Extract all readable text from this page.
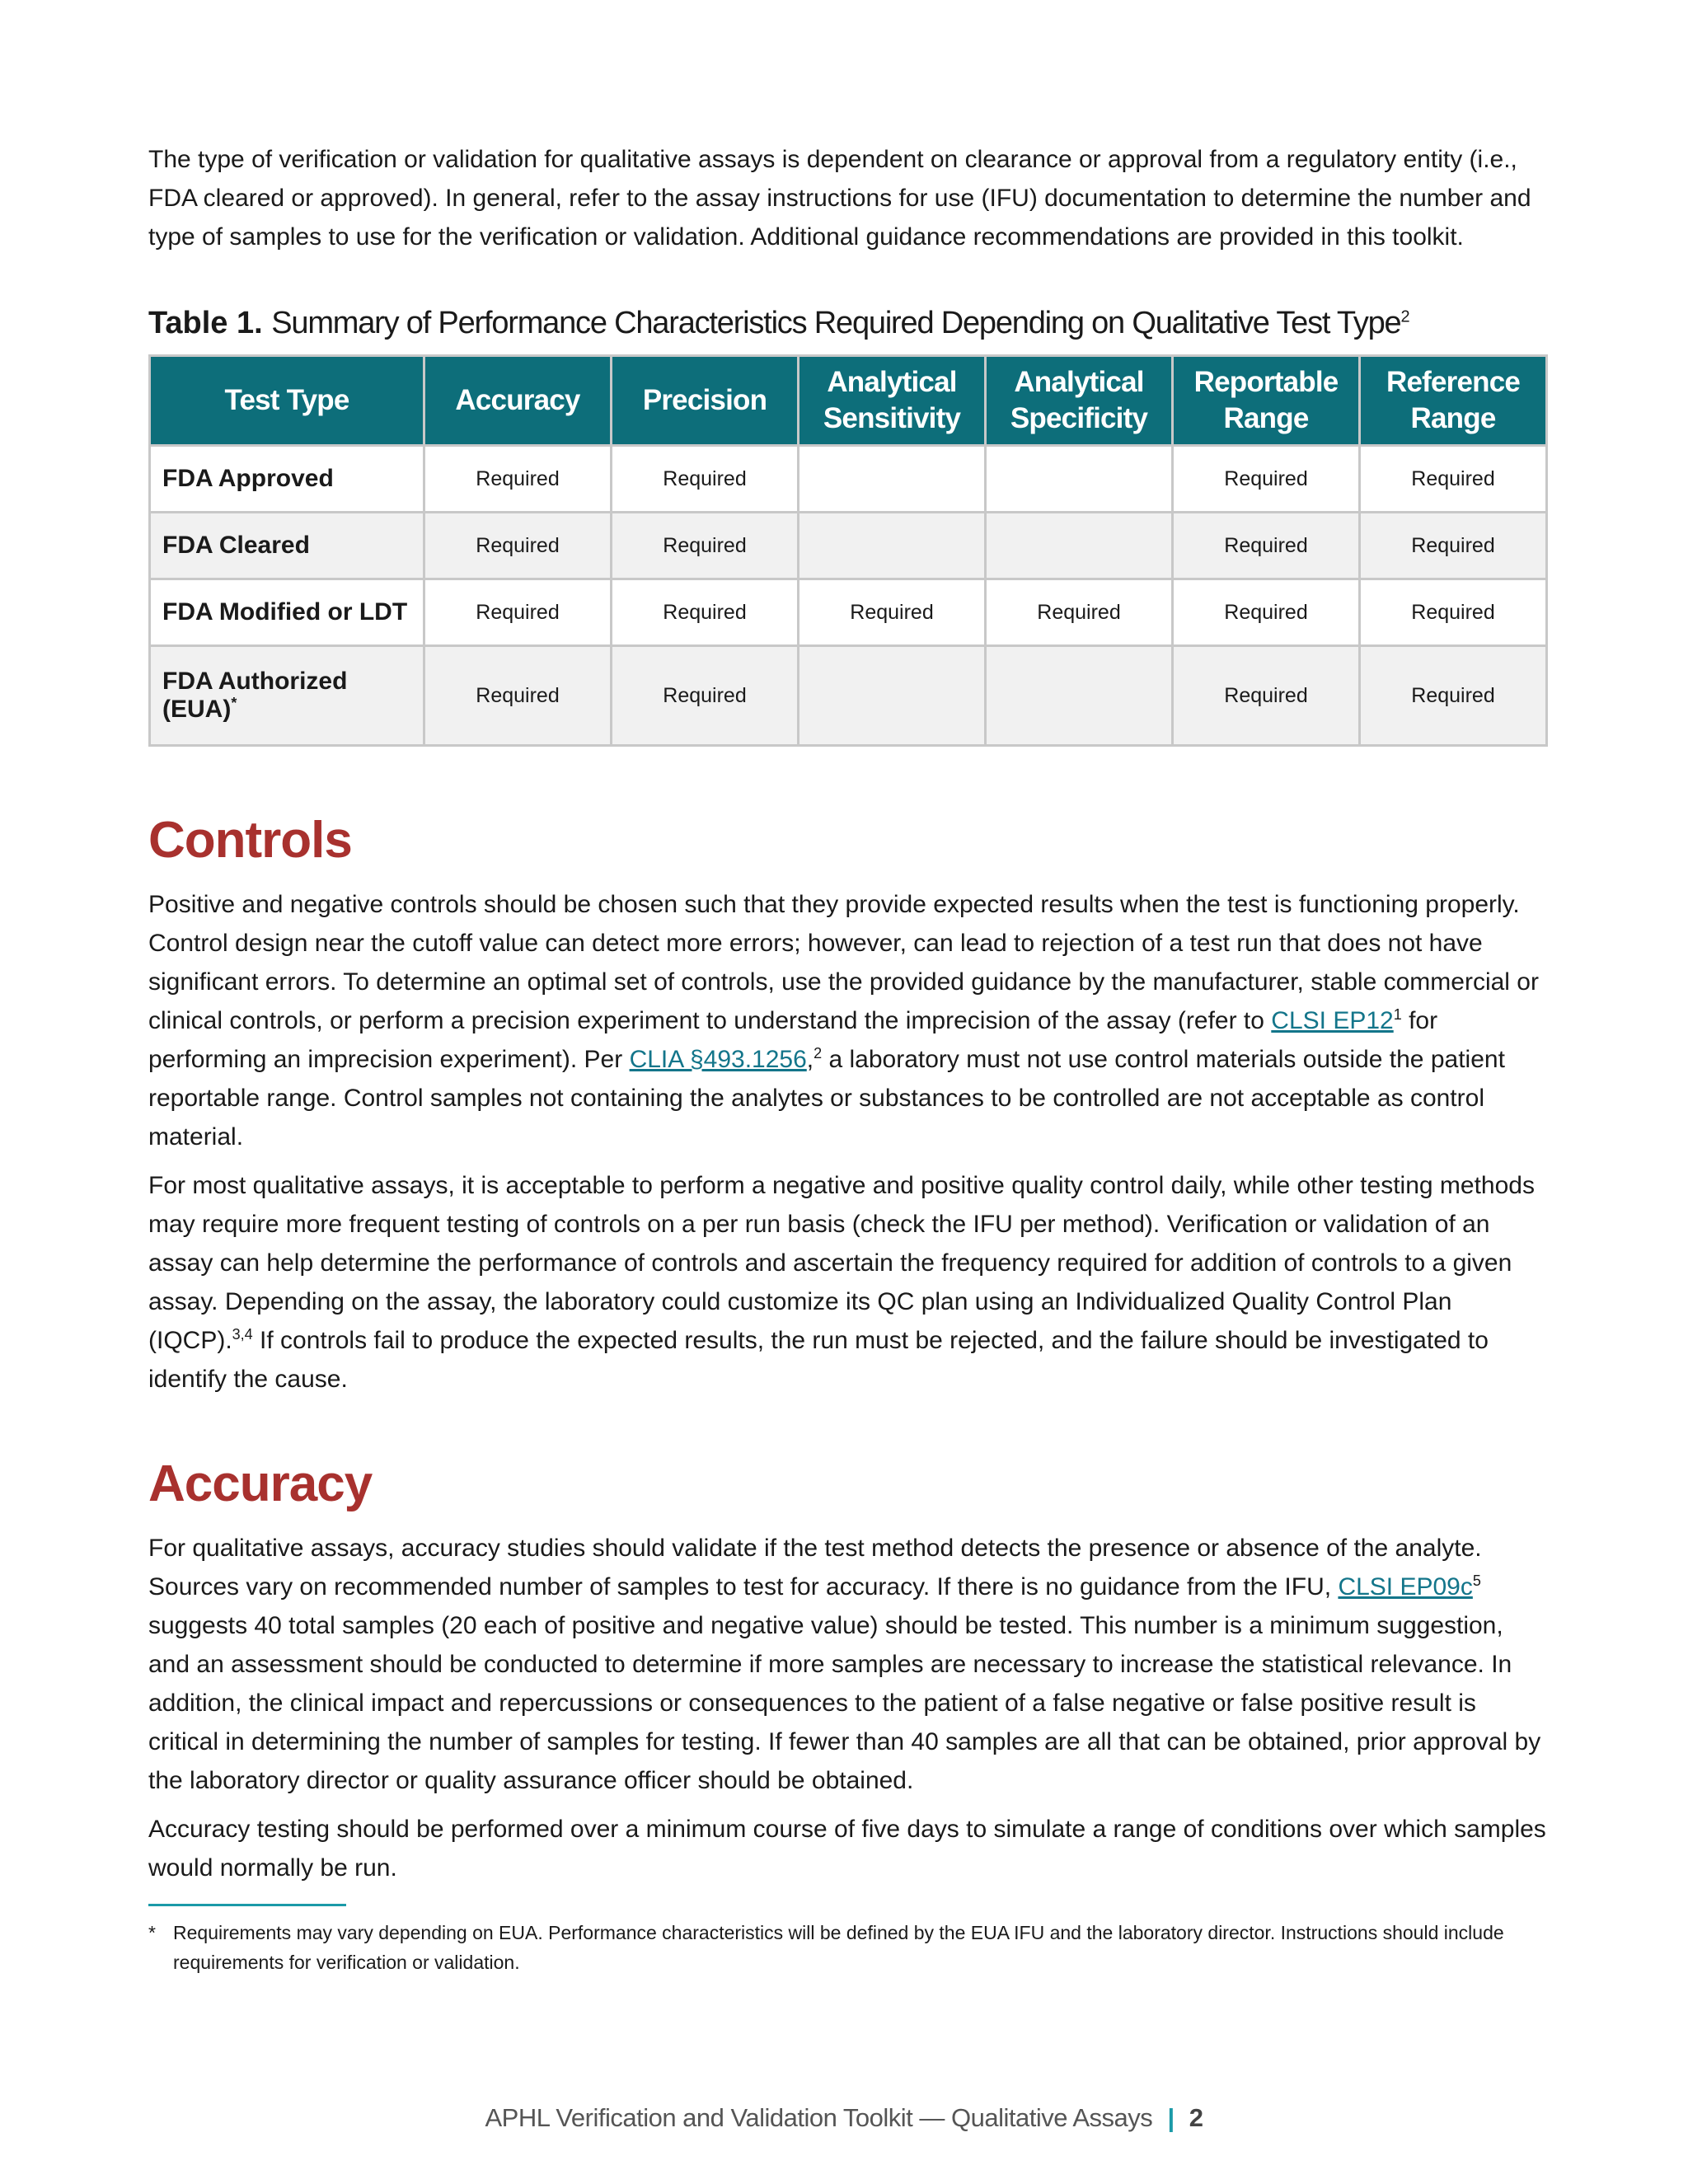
The type of verification or validation for qualitative assays is dependent on clearance or approval from a regulatory entity (i.e., FDA cleared or approved). In general, refer to the assay instructions for use (IFU) documentation to determine the number and type of samples to use for the verification or validation. Additional guidance recommendations are provided in this toolkit.

Table 1. Summary of Performance Characteristics Required Depending on Qualitative Test Type$^2$
Test Type	Accuracy	Precision	Analytical Sensitivity	Analytical Specificity	Reportable Range	Reference Range
FDA Approved	Required	Required			Required	Required
FDA Cleared	Required	Required			Required	Required
FDA Modified or LDT	Required	Required	Required	Required	Required	Required
FDA Authorized (EUA)*	Required	Required			Required	Required
Controls

Positive and negative controls should be chosen such that they provide expected results when the test is functioning properly. Control design near the cutoff value can detect more errors; however, can lead to rejection of a test run that does not have significant errors. To determine an optimal set of controls, use the provided guidance by the manufacturer, stable commercial or clinical controls, or perform a precision experiment to understand the imprecision of the assay (refer to CLSI $EP12^1$ for performing an imprecision experiment). Per CLIA §493.1256,$^2$ a laboratory must not use control materials outside the patient reportable range. Control samples not containing the analytes or substances to be controlled are not acceptable as control material.

For most qualitative assays, it is acceptable to perform a negative and positive quality control daily, while other testing methods may require more frequent testing of controls on a per run basis (check the IFU per method). Verification or validation of an assay can help determine the performance of controls and ascertain the frequency required for addition of controls to a given assay. Depending on the assay, the laboratory could customize its QC plan using an Individualized Quality Control Plan (IQCP).$^{3,4}$ If controls fail to produce the expected results, the run must be rejected, and the failure should be investigated to identify the cause.

Accuracy

For qualitative assays, accuracy studies should validate if the test method detects the presence or absence of the analyte. Sources vary on recommended number of samples to test for accuracy. If there is no guidance from the IFU, CLSI $EP09c^5$ suggests 40 total samples (20 each of positive and negative value) should be tested. This number is a minimum suggestion, and an assessment should be conducted to determine if more samples are necessary to increase the statistical relevance. In addition, the clinical impact and repercussions or consequences to the patient of a false negative or false positive result is critical in determining the number of samples for testing. If fewer than 40 samples are all that can be obtained, prior approval by the laboratory director or quality assurance officer should be obtained.

Accuracy testing should be performed over a minimum course of five days to simulate a range of conditions over which samples would normally be run.

* Requirements may vary depending on EUA. Performance characteristics will be defined by the EUA IFU and the laboratory director. Instructions should include requirements for verification or validation.
APHL Verification and Validation Toolkit — Qualitative Assays | 2
